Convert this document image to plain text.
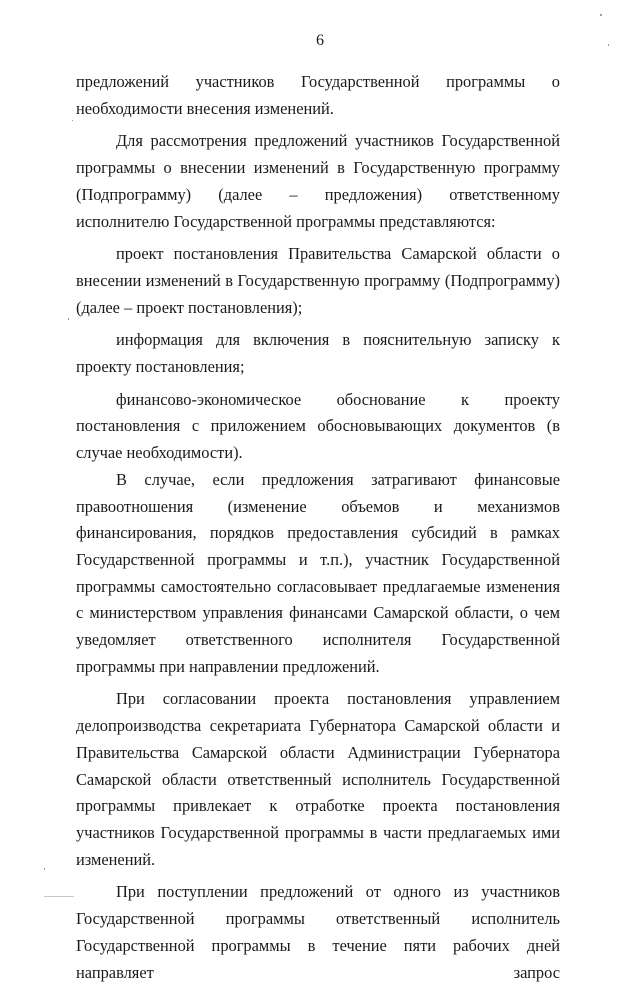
6

предложений участников Государственной программы о необходимости внесения изменений.

Для рассмотрения предложений участников Государственной программы о внесении изменений в Государственную программу (Подпрограмму) (далее – предложения) ответственному исполнителю Государственной программы представляются:

проект постановления Правительства Самарской области о внесении изменений в Государственную программу (Подпрограмму) (далее – проект постановления);

информация для включения в пояснительную записку к проекту постановления;

финансово-экономическое обоснование к проекту постановления с приложением обосновывающих документов (в случае необходимости).

В случае, если предложения затрагивают финансовые правоотношения (изменение объемов и механизмов финансирования, порядков предоставления субсидий в рамках Государственной программы и т.п.), участник Государственной программы самостоятельно согласовывает предлагаемые изменения с министерством управления финансами Самарской области, о чем уведомляет ответственного исполнителя Государственной программы при направлении предложений.

При согласовании проекта постановления управлением делопроизводства секретариата Губернатора Самарской области и Правительства Самарской области Администрации Губернатора Самарской области ответственный исполнитель Государственной программы привлекает к отработке проекта постановления участников Государственной программы в части предлагаемых ими изменений.

При поступлении предложений от одного из участников Государственной программы ответственный исполнитель Государственной программы в течение пяти рабочих дней направляет запрос
